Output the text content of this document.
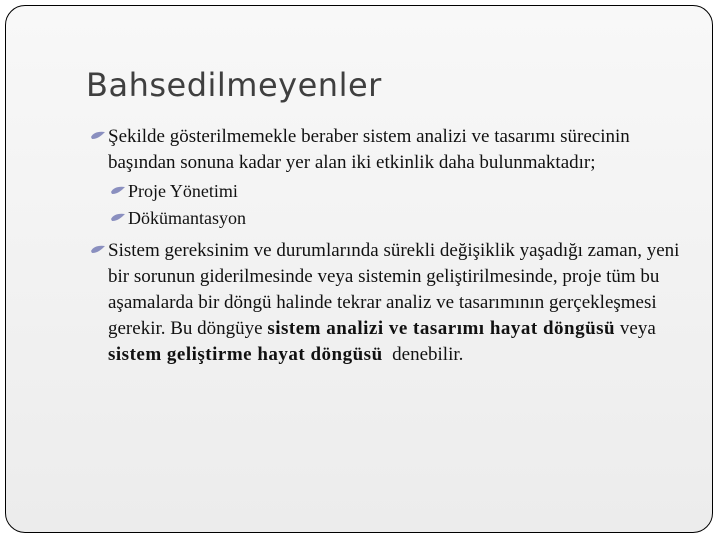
Bahsedilmeyenler
Şekilde gösterilmemekle beraber sistem analizi ve tasarımı sürecinin başından sonuna kadar yer alan iki etkinlik daha bulunmaktadır;
Proje Yönetimi
Dökümantasyon
Sistem gereksinim ve durumlarında sürekli değişiklik yaşadığı zaman, yeni bir sorunun giderilmesinde veya sistemin geliştirilmesinde, proje tüm bu aşamalarda bir döngü halinde tekrar analiz ve tasarımının gerçekleşmesi gerekir. Bu döngüye sistem analizi ve tasarımı hayat döngüsü veya sistem geliştirme hayat döngüsü  denebilir.
